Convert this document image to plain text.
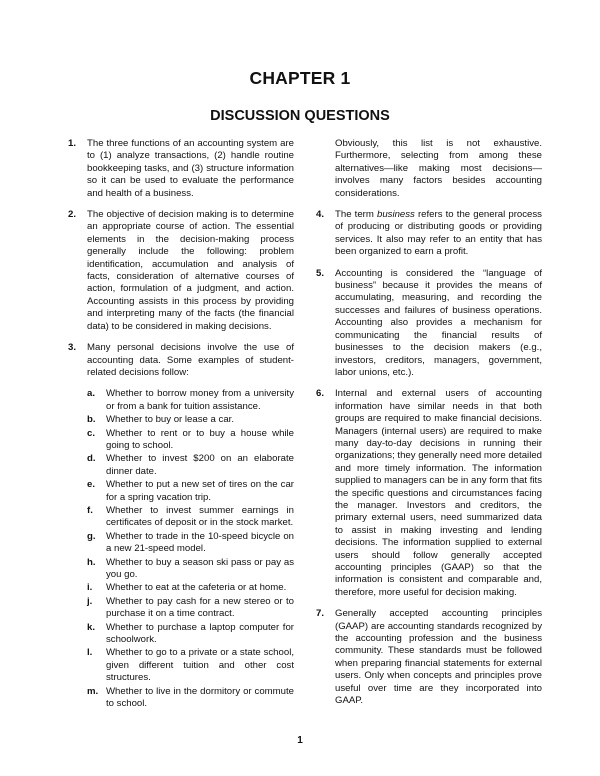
CHAPTER 1
DISCUSSION QUESTIONS
1.	The three functions of an accounting system are to (1) analyze transactions, (2) handle routine bookkeeping tasks, and (3) structure information so it can be used to evaluate the performance and health of a business.
2.	The objective of decision making is to determine an appropriate course of action. The essential elements in the decision-making process generally include the following: problem identification, accumulation and analysis of facts, consideration of alternative courses of action, formulation of a judgment, and action. Accounting assists in this process by providing and interpreting many of the facts (the financial data) to be considered in making decisions.
3.	Many personal decisions involve the use of accounting data. Some examples of student-related decisions follow:
a.	Whether to borrow money from a university or from a bank for tuition assistance.
b.	Whether to buy or lease a car.
c.	Whether to rent or to buy a house while going to school.
d.	Whether to invest $200 on an elaborate dinner date.
e.	Whether to put a new set of tires on the car for a spring vacation trip.
f.	Whether to invest summer earnings in certificates of deposit or in the stock market.
g.	Whether to trade in the 10-speed bicycle on a new 21-speed model.
h.	Whether to buy a season ski pass or pay as you go.
i.	Whether to eat at the cafeteria or at home.
j.	Whether to pay cash for a new stereo or to purchase it on a time contract.
k.	Whether to purchase a laptop computer for schoolwork.
l.	Whether to go to a private or a state school, given different tuition and other cost structures.
m. Whether to live in the dormitory or commute to school.
Obviously, this list is not exhaustive. Furthermore, selecting from among these alternatives—like making most decisions—involves many factors besides accounting considerations.
4.	The term business refers to the general process of producing or distributing goods or providing services. It also may refer to an entity that has been organized to earn a profit.
5.	Accounting is considered the “language of business” because it provides the means of accumulating, measuring, and recording the successes and failures of business operations. Accounting also provides a mechanism for communicating the financial results of businesses to the decision makers (e.g., investors, creditors, managers, government, labor unions, etc.).
6.	Internal and external users of accounting information have similar needs in that both groups are required to make financial decisions. Managers (internal users) are required to make many day-to-day decisions in running their organizations; they generally need more detailed and more timely information. The information supplied to managers can be in any form that fits the specific questions and circumstances facing the manager. Investors and creditors, the primary external users, need summarized data to assist in making investing and lending decisions. The information supplied to external users should follow generally accepted accounting principles (GAAP) so that the information is consistent and comparable and, therefore, more useful for decision making.
7.	Generally accepted accounting principles (GAAP) are accounting standards recognized by the accounting profession and the business community. These standards must be followed when preparing financial statements for external users. Only when concepts and principles prove useful over time are they incorporated into GAAP.
1
